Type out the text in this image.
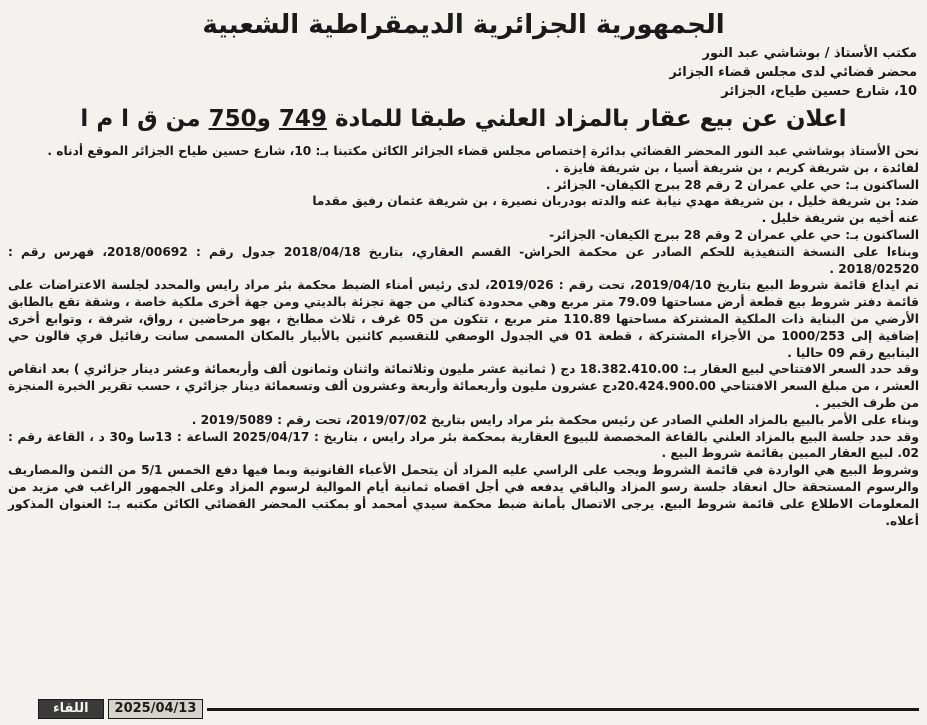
الجمهورية الجزائرية الديمقراطية الشعبية
مكتب الأستاذ / بوشاشي عبد النور
محضر قضائي لدى مجلس قضاء الجزائر
10، شارع حسين طياح، الجزائر
اعلان عن بيع عقار بالمزاد العلني طبقا للمادة 749 و750 من ق ا م ا

نحن الأستاذ بوشاشي عبد النور المحضر القضائي بدائرة إختصاص مجلس قضاء الجزائر الكائن مكتبنا بـ: 10، شارع حسين طياح الجزائر الموقع أدناه .

لفائدة ، بن شريفة كريم ، بن شريفة أسيا ، بن شريفة فايزة .

الساكنون بـ: حي علي عمران 2 رقم 28 ببرج الكيفان- الجزائر .

ضد: بن شريفة خليل ، بن شريفة مهدي نيابة عنه والدته بودربان نصيرة ، بن شريفة عثمان رفيق مقدما

عنه أخيه بن شريفة خليل .

الساكنون بـ: حي علي عمران 2 وقم 28 ببرج الكيفان- الجزائر-

وبناءا على النسخة التنفيذية للحكم الصادر عن محكمة الحراش- القسم العقاري، بتاريخ 2018/04/18 جدول رقم : 2018/00692، فهرس رقم : 2018/02520 .

تم ايداع قائمة شروط البيع بتاريخ 2019/04/10، تحت رقم : 2019/026، لدى رئيس أمناء الضبط محكمة بئر مراد رايس والمحدد لجلسة الاعتراضات على قائمة دفتر شروط بيع قطعة أرض مساحتها 79.09 متر مربع وهي محدودة كتالي من جهة تجزئة بالديتي ومن جهة أخرى ملكية خاصة ، وشقة تقع بالطابق الأرضي من البناية ذات الملكية المشتركة مساحتها 110.89 متر مربع ، تتكون من 05 غرف ، ثلاث مطابخ ، بهو مرحاضين ، رواق، شرفة ، وتوابع أخرى إضافية إلى 1000/253 من الأجزاء المشتركة ، قطعة 01 في الجدول الوصفي للتقسيم كائنين بالأبيار بالمكان المسمى سانت رفائيل فري فالون حي الينابيع رقم 09 حاليا .

وقد حدد السعر الافتتاحي لبيع العقار بـ: 18.382.410.00 دج ( ثمانية عشر مليون وثلاثمائة واثنان وثمانون ألف وأربعمائة وعشر دينار جزائري ) بعد انقاص العشر ، من مبلغ السعر الافتتاحي 20.424.900.00دج عشرون مليون وأربعمائة وأربعة وعشرون ألف وتسعمائة دينار جزائري ، حسب تقرير الخبرة المنجزة من طرف الخبير .

وبناء على الأمر بالبيع بالمزاد العلني الصادر عن رئيس محكمة بئر مراد رايس بتاريخ 2019/07/02، تحت رقم : 2019/5089 .

وقد حدد جلسة البيع بالمزاد العلني بالقاعة المخصصة للبيوع العقارية بمحكمة بئر مراد رايس ، بتاريخ : 2025/04/17 الساعة : 13سا و30 د ، القاعة رقم : 02. لبيع العقار المبين بقائمة شروط البيع .

وشروط البيع هي الواردة في قائمة الشروط ويجب على الراسي عليه المزاد أن يتحمل الأعباء القانونية وبما فيها دفع الخمس 5/1 من الثمن والمصاريف والرسوم المستحقة حال انعقاد جلسة رسو المزاد والباقي يدفعه في أجل اقصاه ثمانية أيام الموالية لرسوم المزاد وعلى الجمهور الراغب في مزيد من المعلومات الاطلاع على قائمة شروط البيع. يرجى الاتصال بأمانة ضبط محكمة سيدي أمحمد أو بمكتب المحضر القضائي الكائن مكتبه بـ: العنوان المذكور أعلاه.

اللقاء	2025/04/13
